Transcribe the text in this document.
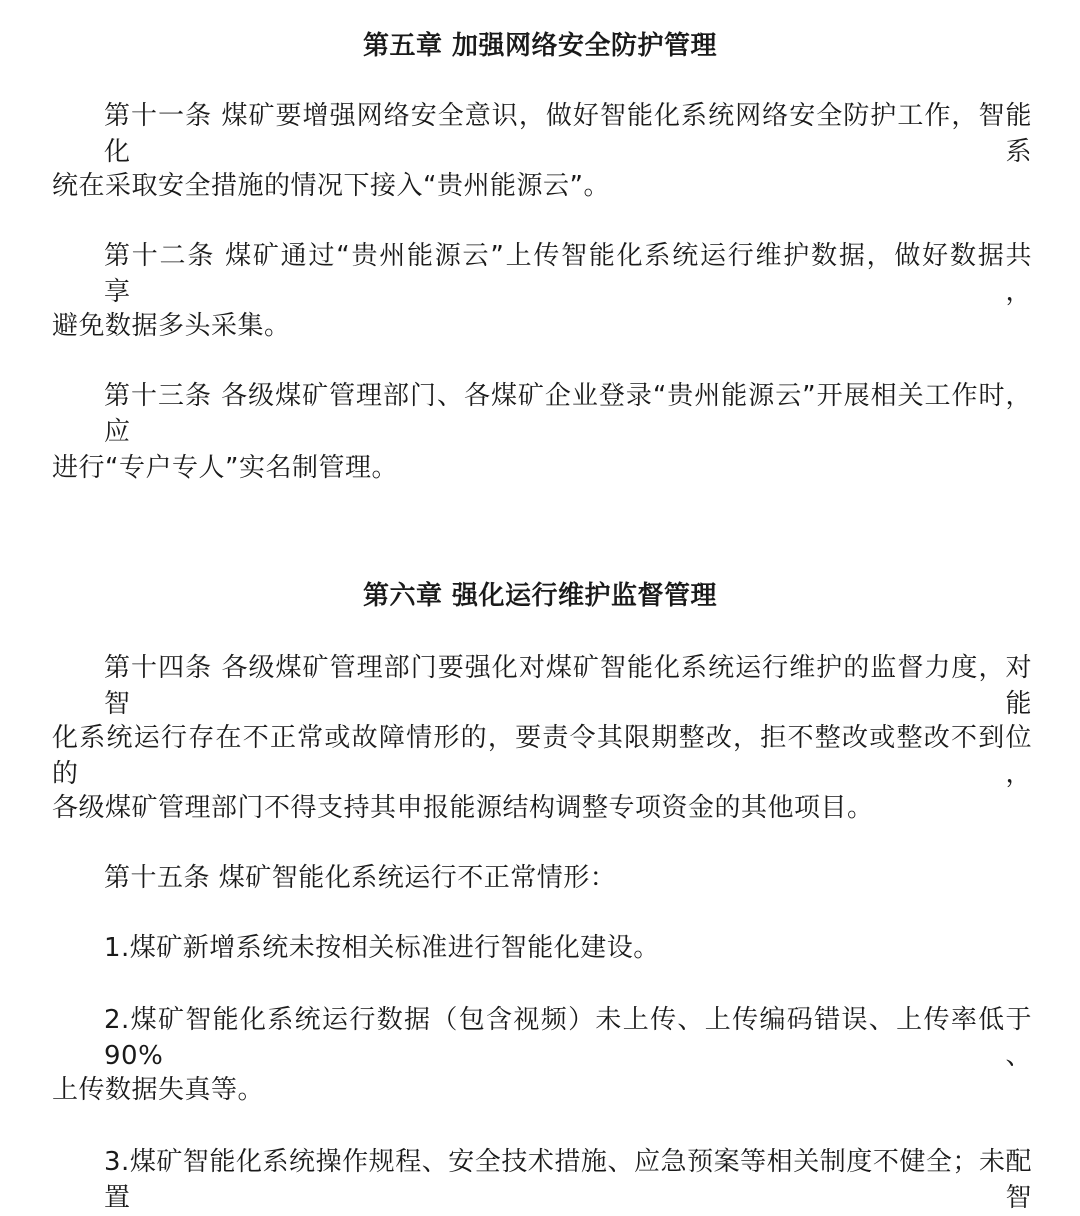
第五章 加强网络安全防护管理
第十一条 煤矿要增强网络安全意识，做好智能化系统网络安全防护工作，智能化系
统在采取安全措施的情况下接入“贵州能源云”。
第十二条 煤矿通过“贵州能源云”上传智能化系统运行维护数据，做好数据共享，
避免数据多头采集。
第十三条 各级煤矿管理部门、各煤矿企业登录“贵州能源云”开展相关工作时，应
进行“专户专人”实名制管理。
第六章 强化运行维护监督管理
第十四条 各级煤矿管理部门要强化对煤矿智能化系统运行维护的监督力度，对智能
化系统运行存在不正常或故障情形的，要责令其限期整改，拒不整改或整改不到位的，
各级煤矿管理部门不得支持其申报能源结构调整专项资金的其他项目。
第十五条 煤矿智能化系统运行不正常情形：
1.煤矿新增系统未按相关标准进行智能化建设。
2.煤矿智能化系统运行数据（包含视频）未上传、上传编码错误、上传率低于 90%、
上传数据失真等。
3.煤矿智能化系统操作规程、安全技术措施、应急预案等相关制度不健全；未配置智
